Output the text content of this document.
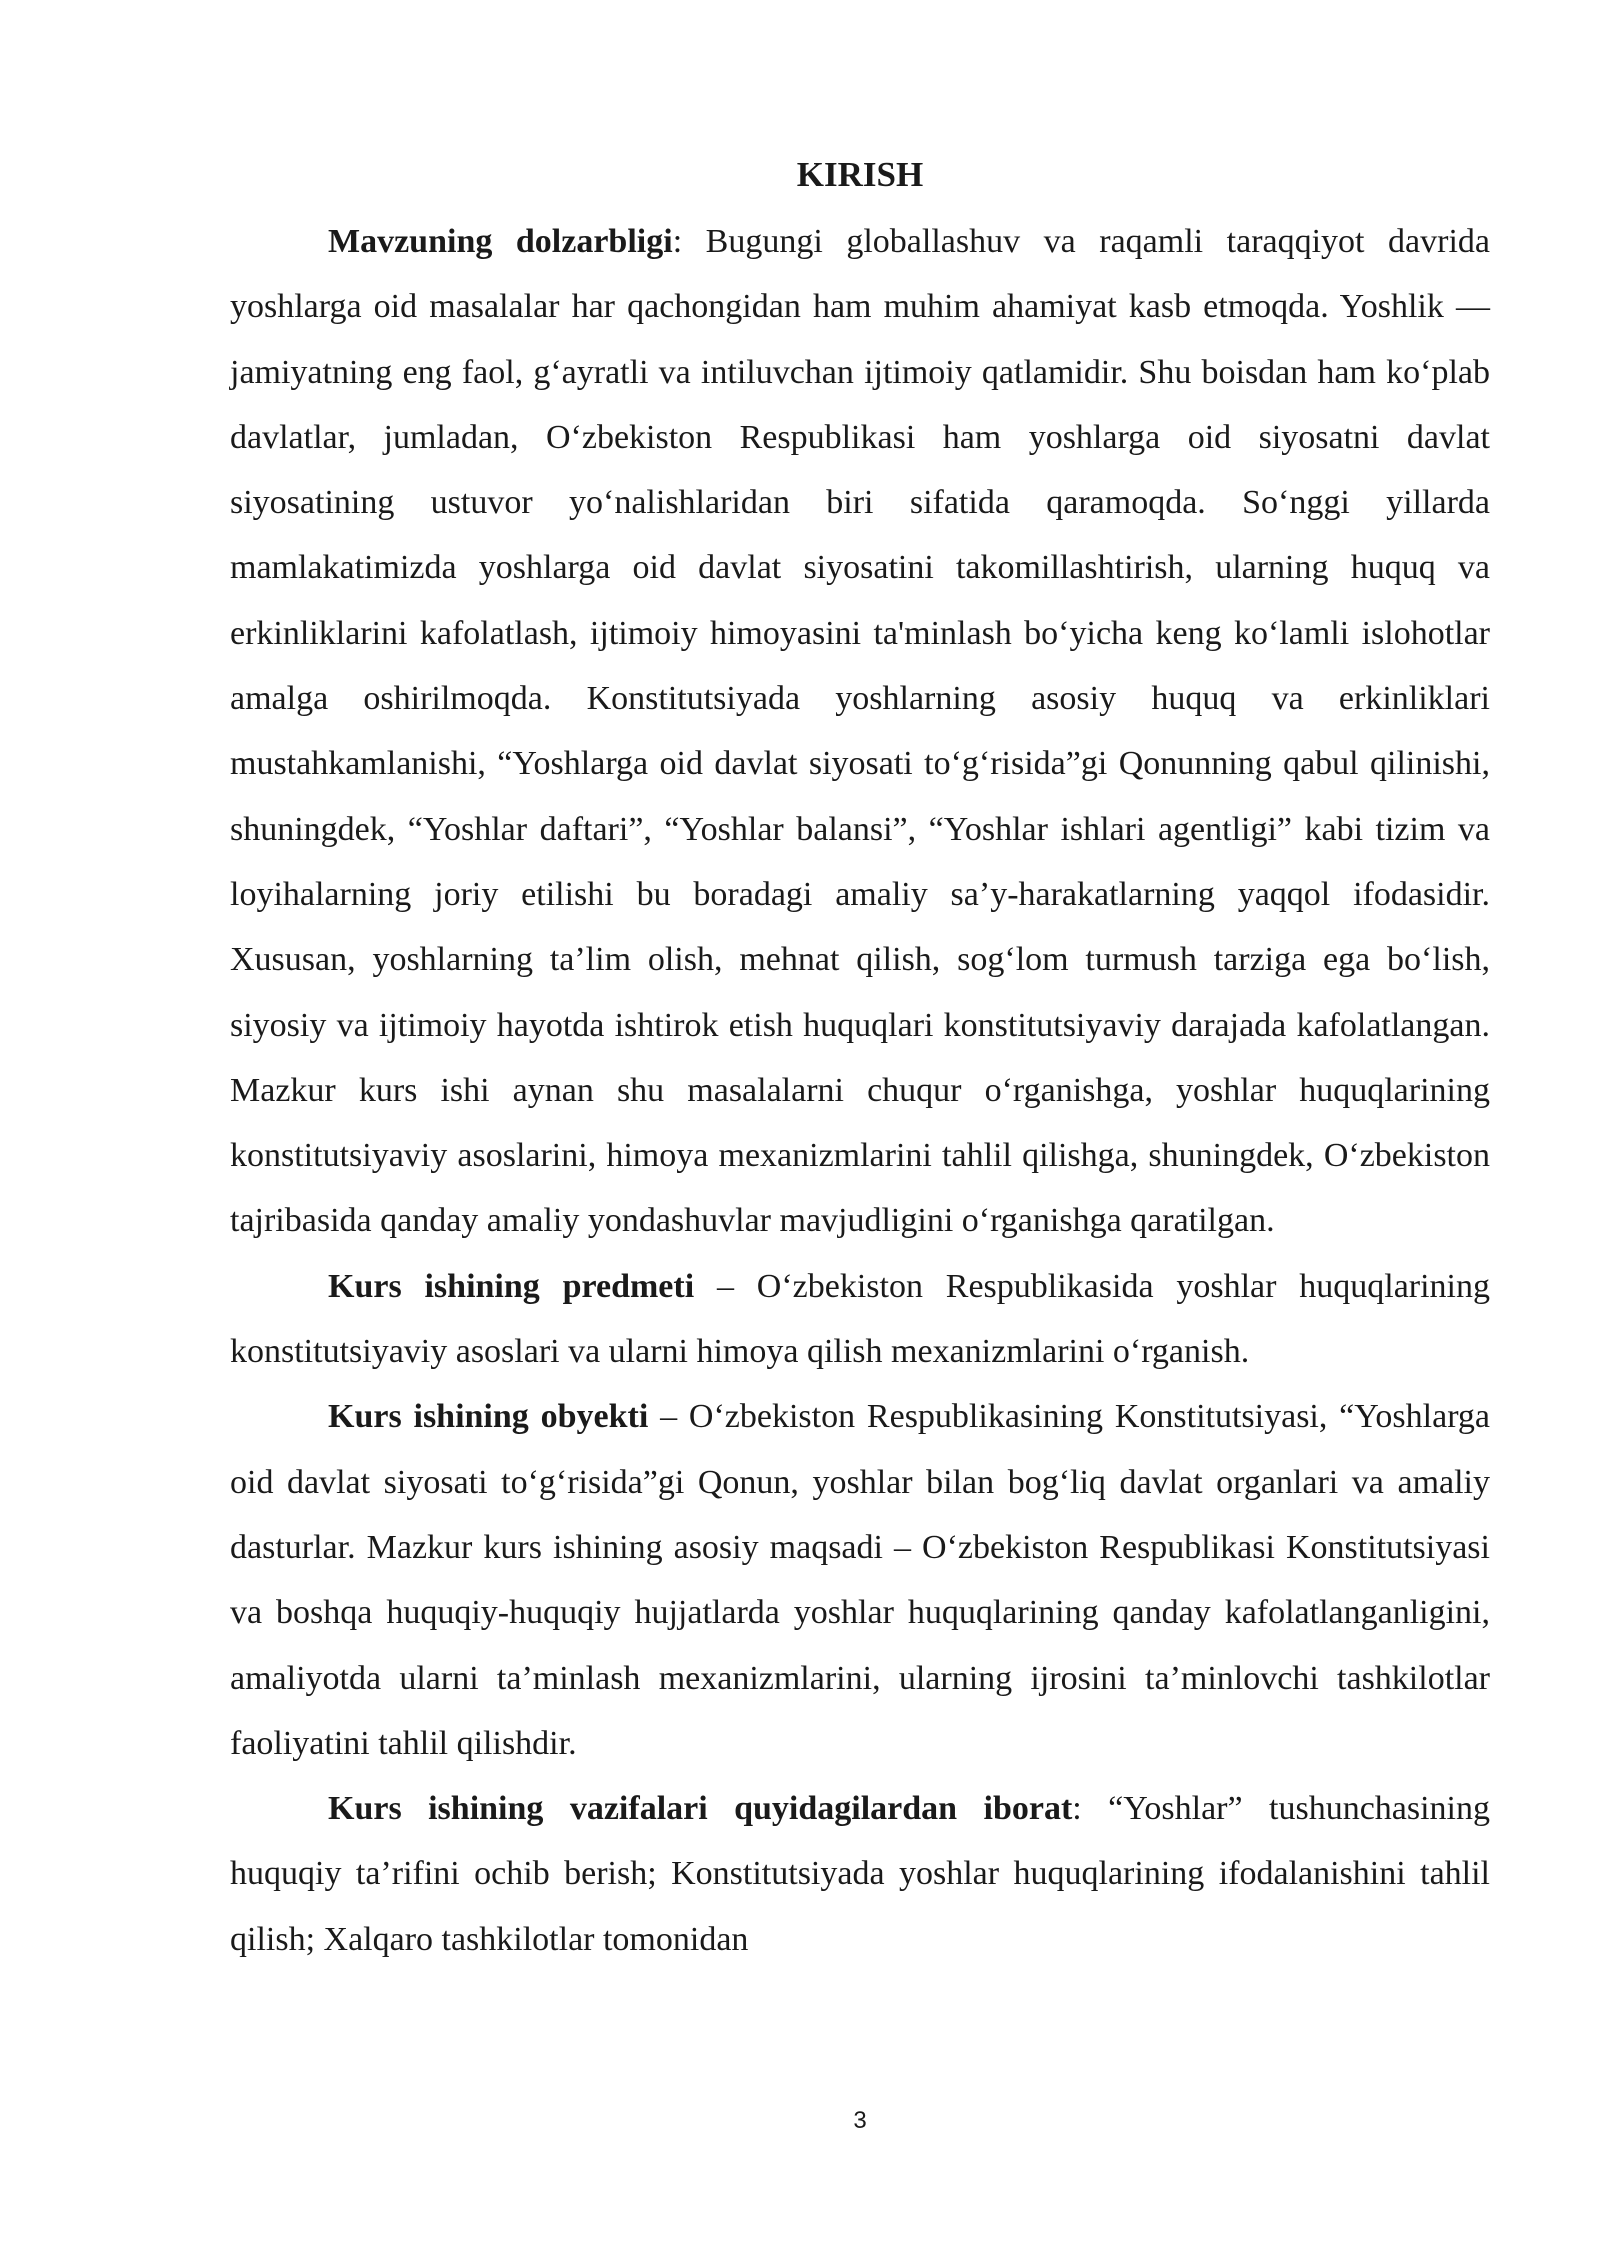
KIRISH

Mavzuning dolzarbligi: Bugungi globallashuv va raqamli taraqqiyot davrida yoshlarga oid masalalar har qachongidan ham muhim ahamiyat kasb etmoqda. Yoshlik — jamiyatning eng faol, g‘ayratli va intiluvchan ijtimoiy qatlamidir. Shu boisdan ham ko‘plab davlatlar, jumladan, O‘zbekiston Respublikasi ham yoshlarga oid siyosatni davlat siyosatining ustuvor yo‘nalishlaridan biri sifatida qaramoqda. So‘nggi yillarda mamlakatimizda yoshlarga oid davlat siyosatini takomillashtirish, ularning huquq va erkinliklarini kafolatlash, ijtimoiy himoyasini ta'minlash bo‘yicha keng ko‘lamli islohotlar amalga oshirilmoqda. Konstitutsiyada yoshlarning asosiy huquq va erkinliklari mustahkamlanishi, “Yoshlarga oid davlat siyosati to‘g‘risida”gi Qonunning qabul qilinishi, shuningdek, “Yoshlar daftari”, “Yoshlar balansi”, “Yoshlar ishlari agentligi” kabi tizim va loyihalarning joriy etilishi bu boradagi amaliy sa’y-harakatlarning yaqqol ifodasidir. Xususan, yoshlarning ta’lim olish, mehnat qilish, sog‘lom turmush tarziga ega bo‘lish, siyosiy va ijtimoiy hayotda ishtirok etish huquqlari konstitutsiyaviy darajada kafolatlangan. Mazkur kurs ishi aynan shu masalalarni chuqur o‘rganishga, yoshlar huquqlarining konstitutsiyaviy asoslarini, himoya mexanizmlarini tahlil qilishga, shuningdek, O‘zbekiston tajribasida qanday amaliy yondashuvlar mavjudligini o‘rganishga qaratilgan.

Kurs ishining predmeti – O‘zbekiston Respublikasida yoshlar huquqlarining konstitutsiyaviy asoslari va ularni himoya qilish mexanizmlarini o‘rganish.

Kurs ishining obyekti – O‘zbekiston Respublikasining Konstitutsiyasi, “Yoshlarga oid davlat siyosati to‘g‘risida”gi Qonun, yoshlar bilan bog‘liq davlat organlari va amaliy dasturlar. Mazkur kurs ishining asosiy maqsadi – O‘zbekiston Respublikasi Konstitutsiyasi va boshqa huquqiy-huquqiy hujjatlarda yoshlar huquqlarining qanday kafolatlanganligini, amaliyotda ularni ta’minlash mexanizmlarini, ularning ijrosini ta’minlovchi tashkilotlar faoliyatini tahlil qilishdir.

Kurs ishining vazifalari quyidagilardan iborat: “Yoshlar” tushunchasining huquqiy ta’rifini ochib berish; Konstitutsiyada yoshlar huquqlarining ifodalanishini tahlil qilish; Xalqaro tashkilotlar tomonidan

3
